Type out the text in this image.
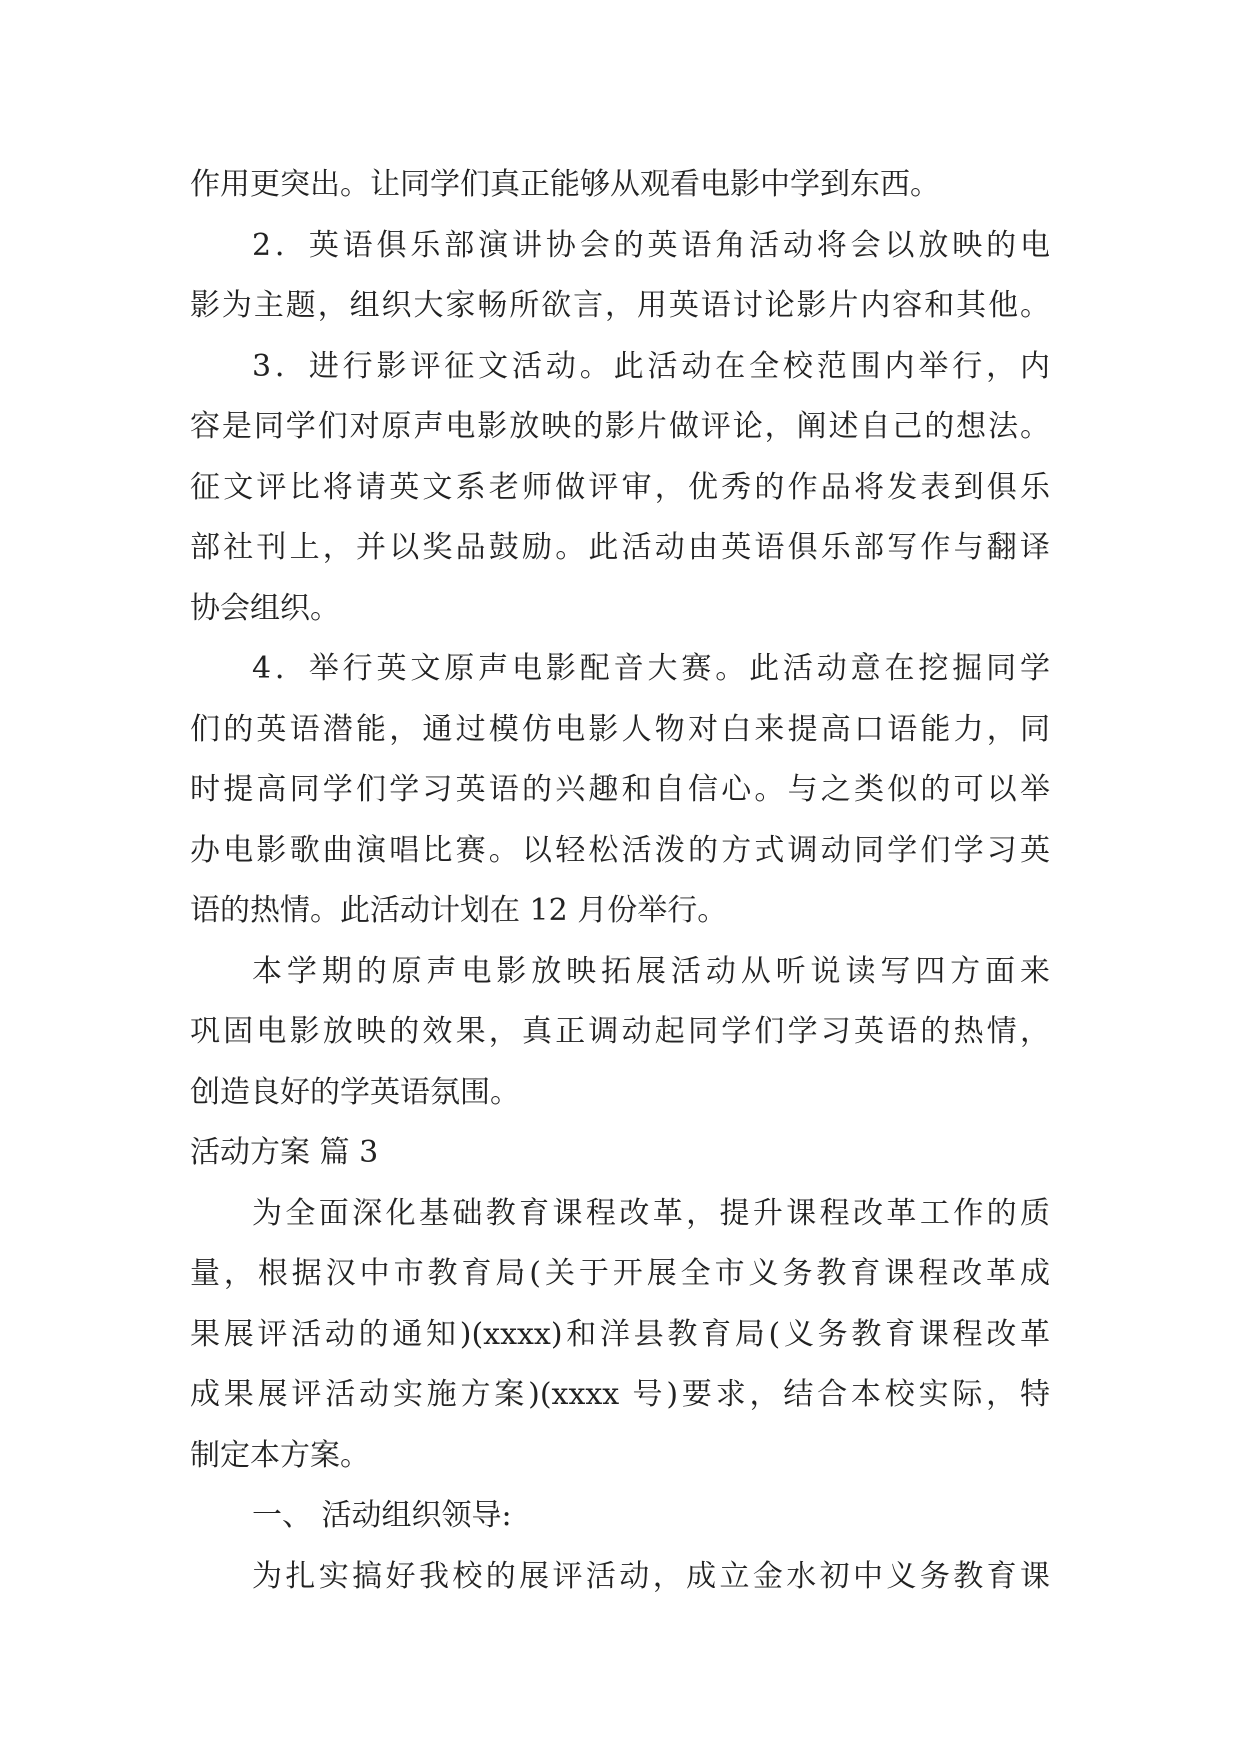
作用更突出。让同学们真正能够从观看电影中学到东西。
2．英语俱乐部演讲协会的英语角活动将会以放映的电
影为主题，组织大家畅所欲言，用英语讨论影片内容和其他。
3．进行影评征文活动。此活动在全校范围内举行，内
容是同学们对原声电影放映的影片做评论，阐述自己的想法。
征文评比将请英文系老师做评审，优秀的作品将发表到俱乐
部社刊上，并以奖品鼓励。此活动由英语俱乐部写作与翻译
协会组织。
4．举行英文原声电影配音大赛。此活动意在挖掘同学
们的英语潜能，通过模仿电影人物对白来提高口语能力，同
时提高同学们学习英语的兴趣和自信心。与之类似的可以举
办电影歌曲演唱比赛。以轻松活泼的方式调动同学们学习英
语的热情。此活动计划在 12 月份举行。
本学期的原声电影放映拓展活动从听说读写四方面来
巩固电影放映的效果，真正调动起同学们学习英语的热情，
创造良好的学英语氛围。
活动方案 篇 3
为全面深化基础教育课程改革，提升课程改革工作的质
量，根据汉中市教育局(关于开展全市义务教育课程改革成
果展评活动的通知)(xxxx)和洋县教育局(义务教育课程改革
成果展评活动实施方案)(xxxx 号)要求，结合本校实际，特
制定本方案。
一、 活动组织领导:
为扎实搞好我校的展评活动，成立金水初中义务教育课
